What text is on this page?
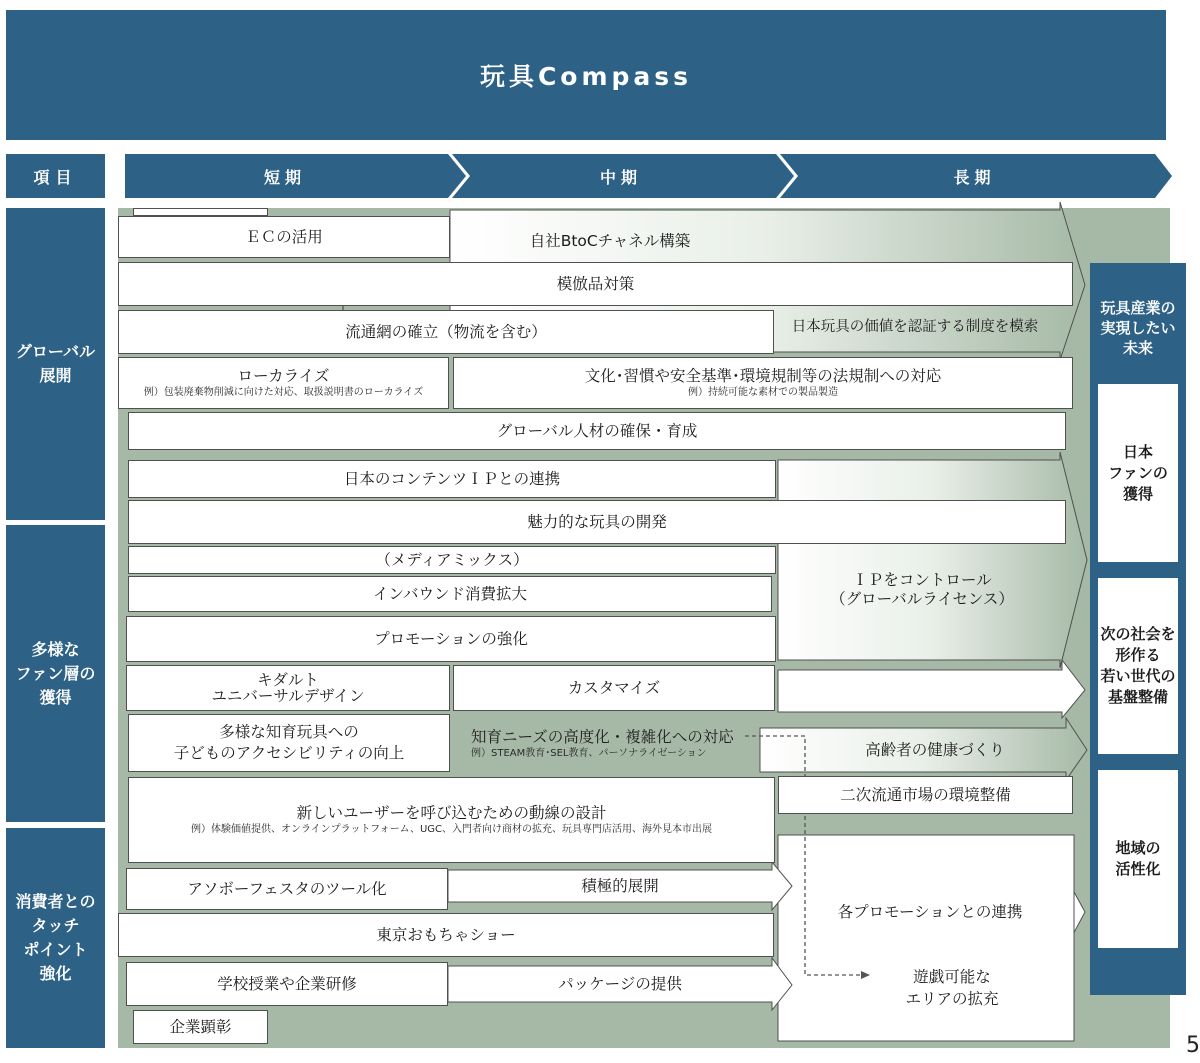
玩具Compass
項目	短期	中期	長期
グローバル
展開
多様な
ファン層の
獲得
消費者との
タッチ
ポイント
強化
ＥＣの活用	自社BtoCチャネル構築
模倣品対策
流通網の確立（物流を含む）	日本玩具の価値を認証する制度を模索
ローカライズ
例）包装廃棄物削減に向けた対応、取扱説明書のローカライズ
文化･習慣や安全基準･環境規制等の法規制への対応
例）持続可能な素材での製品製造
グローバル人材の確保・育成
日本のコンテンツＩＰとの連携
魅力的な玩具の開発
（メディアミックス）
インバウンド消費拡大
ＩＰをコントロール
（グローバルライセンス）
プロモーションの強化
キダルト
ユニバーサルデザイン	カスタマイズ
多様な知育玩具への
子どものアクセシビリティの向上
知育ニーズの高度化・複雑化への対応
例）STEAM教育･SEL教育、パーソナライゼーション	高齢者の健康づくり
二次流通市場の環境整備
新しいユーザーを呼び込むための動線の設計
例）体験価値提供、オンラインプラットフォーム、UGC、入門者向け商材の拡充、玩具専門店活用、海外見本市出展
アソボーフェスタのツール化	積極的展開
東京おもちゃショー
各プロモーションとの連携
学校授業や企業研修	パッケージの提供	遊戯可能な
エリアの拡充
企業顕彰
玩具産業の
実現したい
未来
日本
ファンの
獲得
次の社会を
形作る
若い世代の
基盤整備
地域の
活性化
5
